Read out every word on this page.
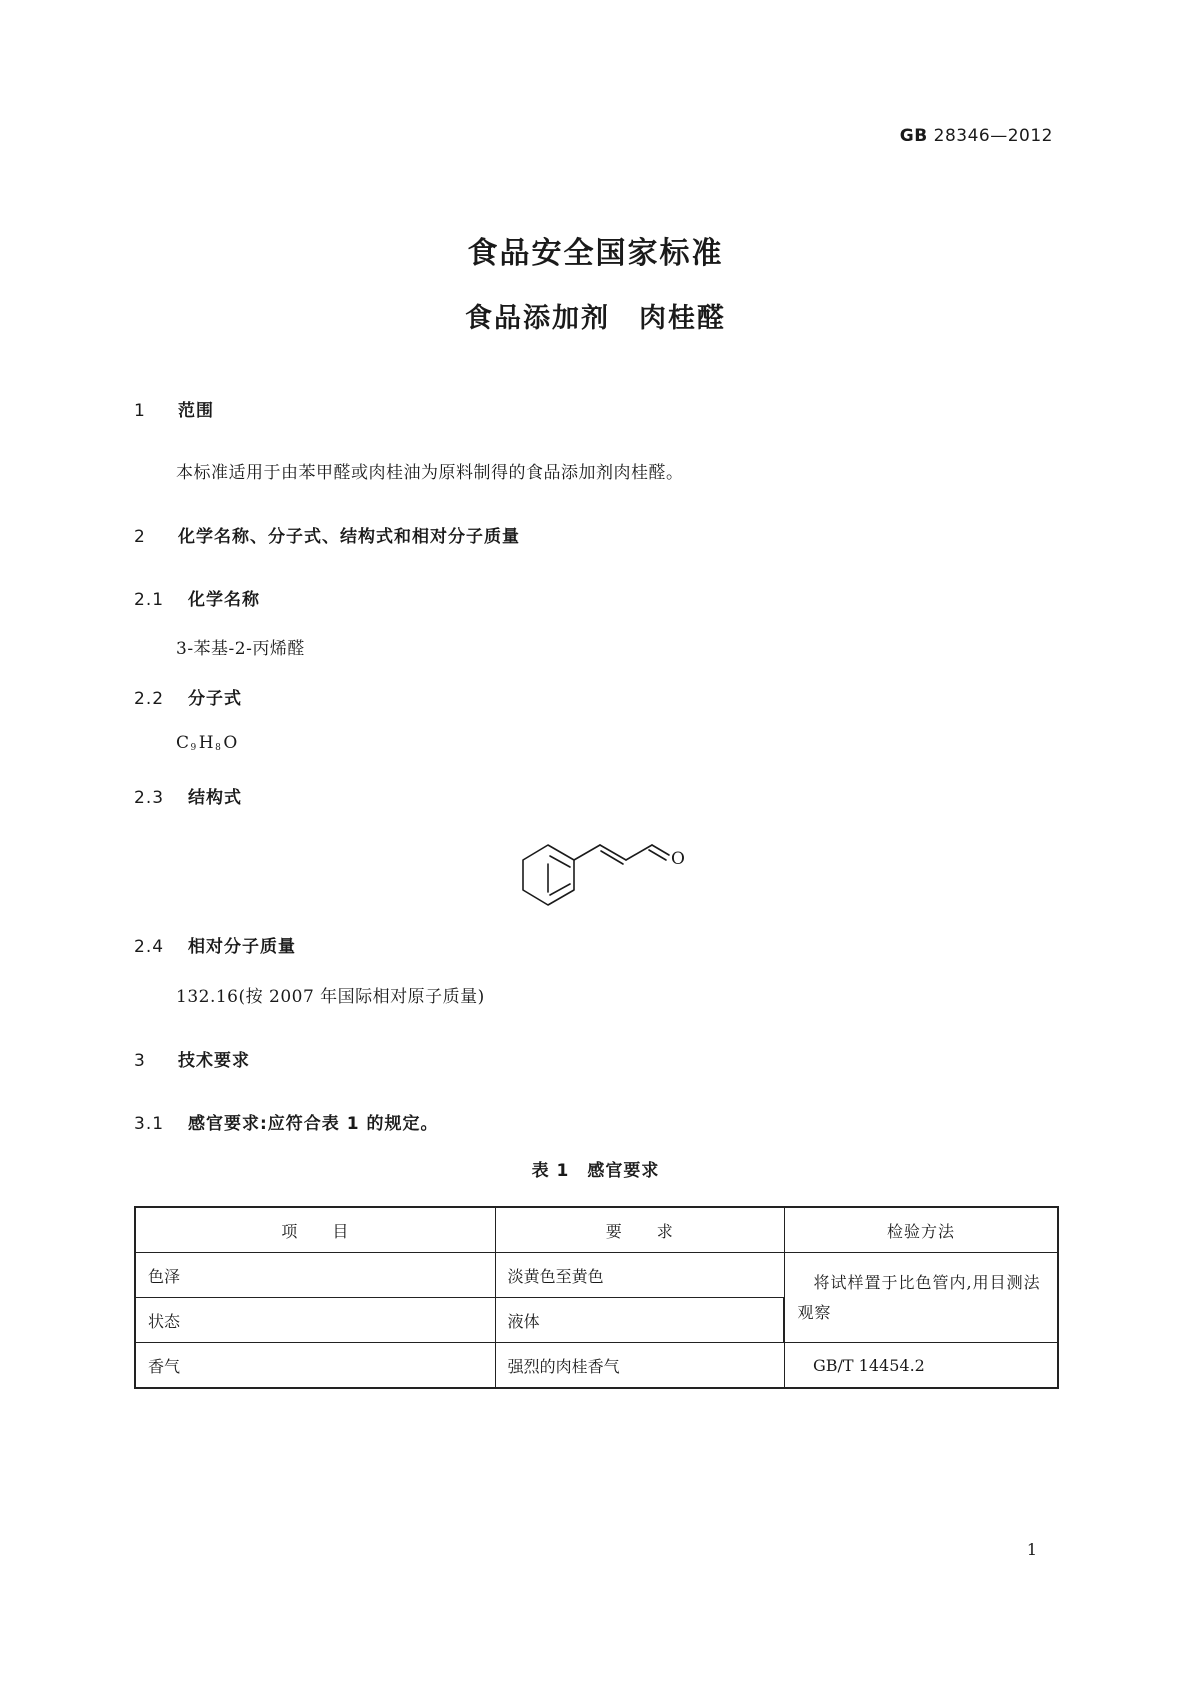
GB 28346—2012
食品安全国家标准
食品添加剂　肉桂醛
1 范围
本标准适用于由苯甲醛或肉桂油为原料制得的食品添加剂肉桂醛。
2 化学名称、分子式、结构式和相对分子质量
2.1 化学名称
3-苯基-2-丙烯醛
2.2 分子式
$C_9$ $H_8$ O
2.3 结构式
O
2.4 相对分子质量
132.16(按 2007 年国际相对原子质量)
3 技术要求
3.1 感官要求:应符合表 1 的规定。
表 1　感官要求
项　　目	要　　求	检验方法
色泽	淡黄色至黄色	将试样置于比色管内,用目测法观察
状态	液体	
香气	强烈的肉桂香气	GB/T 14454.2
1
